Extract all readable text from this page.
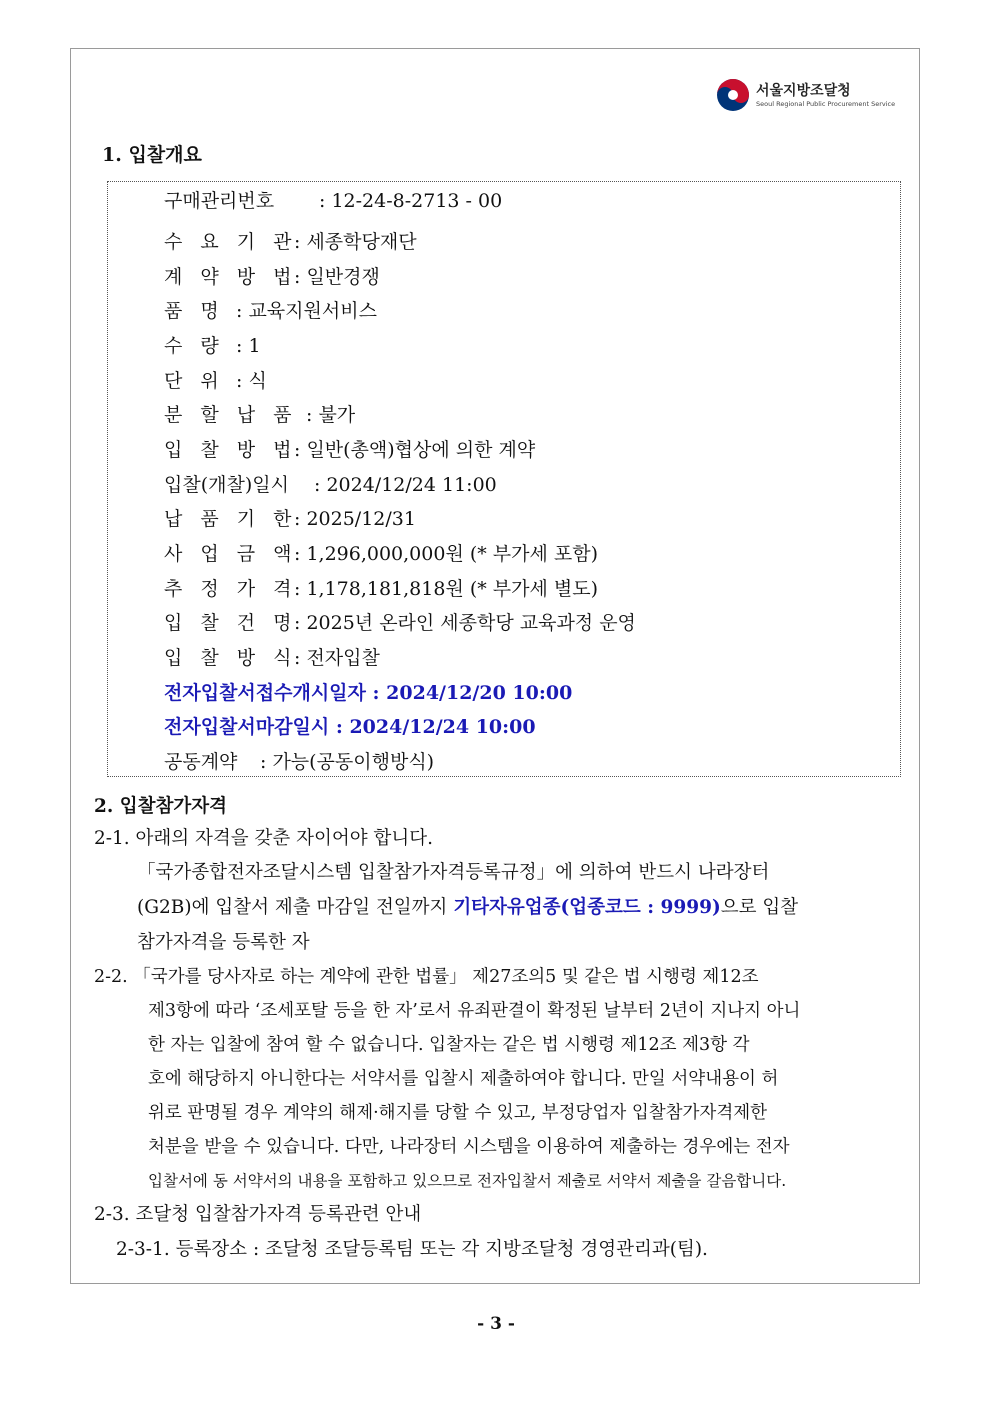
서울지방조달청
Seoul Regional Public Procurement Service
1. 입찰개요
구매관리번호 : 12-24-8-2713 - 00
수 요 기 관: 세종학당재단
계 약 방 법: 일반경쟁
품 명 : 교육지원서비스
수 량 : 1
단 위 : 식
분 할 납 품 : 불가
입 찰 방 법: 일반(총액)협상에 의한 계약
입찰(개찰)일시 : 2024/12/24 11:00
납 품 기 한: 2025/12/31
사 업 금 액: 1,296,000,000원 (* 부가세 포함)
추 정 가 격: 1,178,181,818원 (* 부가세 별도)
입 찰 건 명: 2025년 온라인 세종학당 교육과정 운영
입 찰 방 식: 전자입찰
전자입찰서접수개시일자 : 2024/12/20 10:00
전자입찰서마감일시 : 2024/12/24 10:00
공동계약 : 가능(공동이행방식)
2. 입찰참가자격
2-1. 아래의 자격을 갖춘 자이어야 합니다.
「국가종합전자조달시스템 입찰참가자격등록규정」에 의하여 반드시 나라장터
(G2B)에 입찰서 제출 마감일 전일까지 기타자유업종(업종코드 : 9999)으로 입찰
참가자격을 등록한 자
2-2. 「국가를 당사자로 하는 계약에 관한 법률」 제27조의5 및 같은 법 시행령 제12조
제3항에 따라 ‘조세포탈 등을 한 자’로서 유죄판결이 확정된 날부터 2년이 지나지 아니
한 자는 입찰에 참여 할 수 없습니다. 입찰자는 같은 법 시행령 제12조 제3항 각
호에 해당하지 아니한다는 서약서를 입찰시 제출하여야 합니다. 만일 서약내용이 허
위로 판명될 경우 계약의 해제·해지를 당할 수 있고, 부정당업자 입찰참가자격제한
처분을 받을 수 있습니다. 다만, 나라장터 시스템을 이용하여 제출하는 경우에는 전자
입찰서에 동 서약서의 내용을 포함하고 있으므로 전자입찰서 제출로 서약서 제출을 갈음합니다.
2-3. 조달청 입찰참가자격 등록관련 안내
2-3-1. 등록장소 : 조달청 조달등록팀 또는 각 지방조달청 경영관리과(팀).
- 3 -
